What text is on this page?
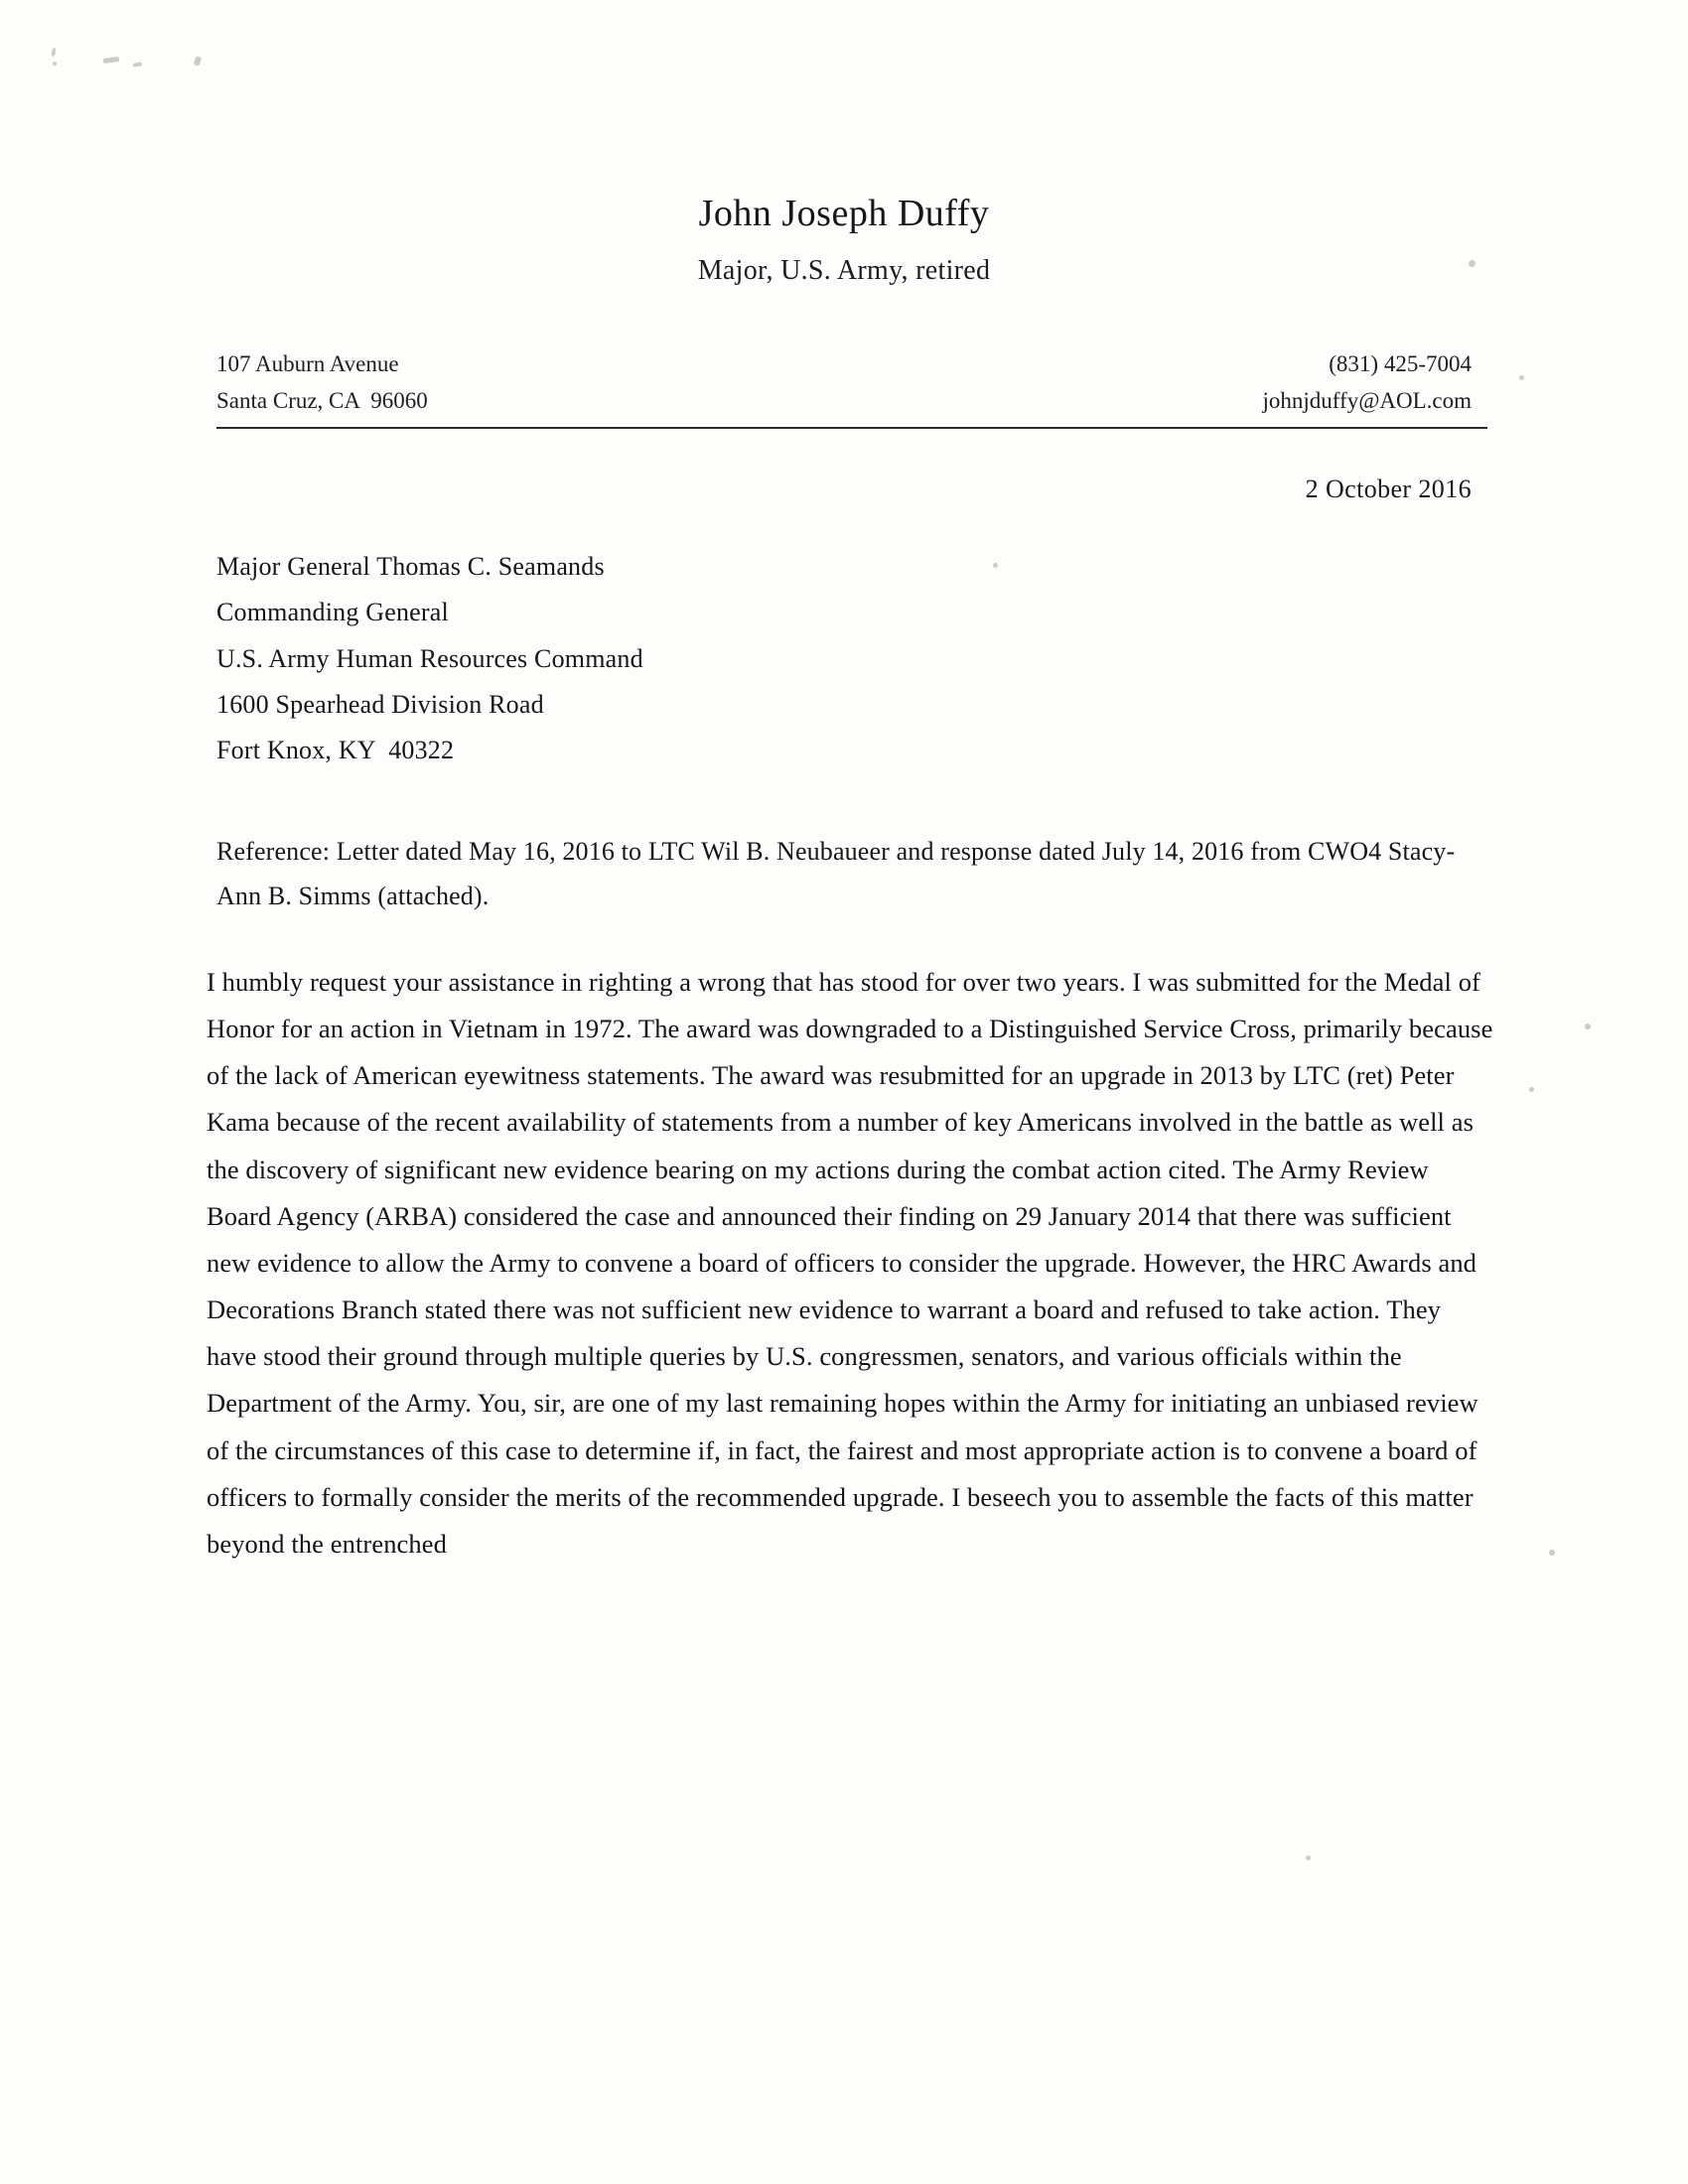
John Joseph Duffy
Major, U.S. Army, retired
107 Auburn Avenue
Santa Cruz, CA  96060
(831) 425-7004
johnjduffy@AOL.com
2 October 2016
Major General Thomas C. Seamands
Commanding General
U.S. Army Human Resources Command
1600 Spearhead Division Road
Fort Knox, KY  40322
Reference: Letter dated May 16, 2016 to LTC Wil B. Neubaueer and response dated July 14, 2016 from CWO4 Stacy-Ann B. Simms (attached).

I humbly request your assistance in righting a wrong that has stood for over two years. I was submitted for the Medal of Honor for an action in Vietnam in 1972. The award was downgraded to a Distinguished Service Cross, primarily because of the lack of American eyewitness statements. The award was resubmitted for an upgrade in 2013 by LTC (ret) Peter Kama because of the recent availability of statements from a number of key Americans involved in the battle as well as the discovery of significant new evidence bearing on my actions during the combat action cited. The Army Review Board Agency (ARBA) considered the case and announced their finding on 29 January 2014 that there was sufficient new evidence to allow the Army to convene a board of officers to consider the upgrade. However, the HRC Awards and Decorations Branch stated there was not sufficient new evidence to warrant a board and refused to take action. They have stood their ground through multiple queries by U.S. congressmen, senators, and various officials within the Department of the Army. You, sir, are one of my last remaining hopes within the Army for initiating an unbiased review of the circumstances of this case to determine if, in fact, the fairest and most appropriate action is to convene a board of officers to formally consider the merits of the recommended upgrade. I beseech you to assemble the facts of this matter beyond the entrenched
